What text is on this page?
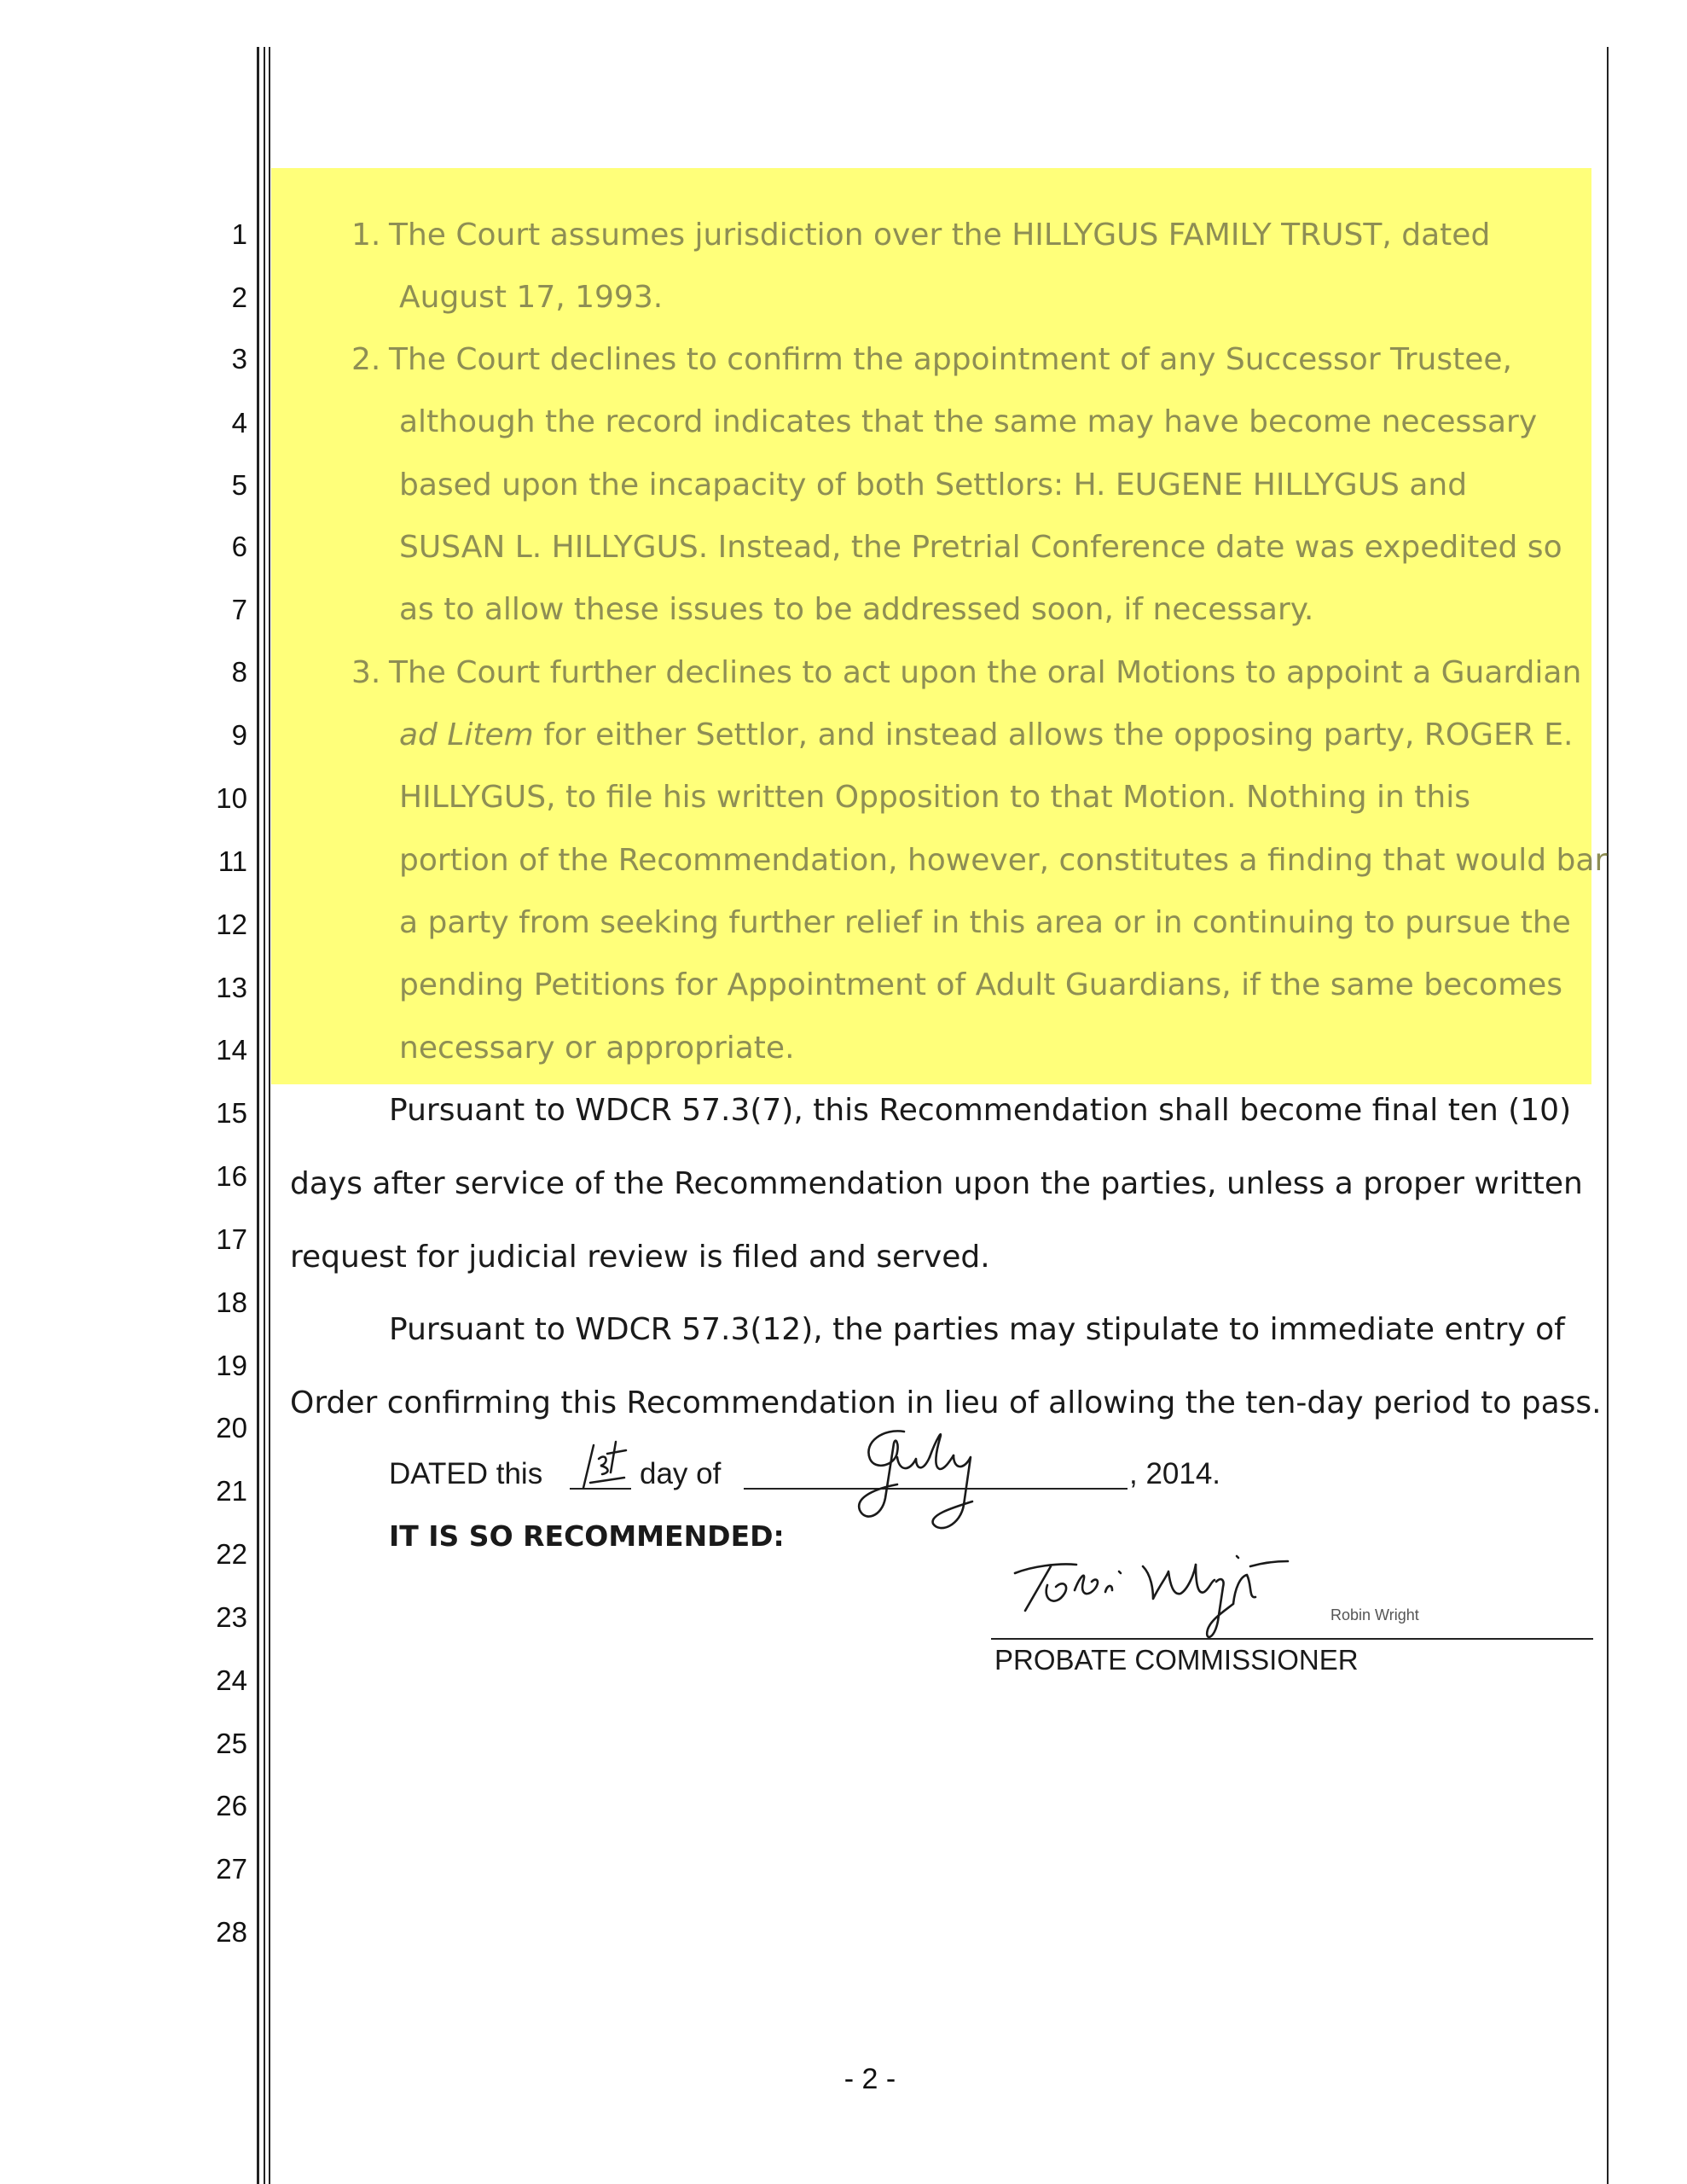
1
2
3
4
5
6
7
8
9
10
11
12
13
14
15
16
17
18
19
20
21
22
23
24
25
26
27
28
1. The Court assumes jurisdiction over the HILLYGUS FAMILY TRUST, dated
August 17, 1993.
2. The Court declines to confirm the appointment of any Successor Trustee,
although the record indicates that the same may have become necessary
based upon the incapacity of both Settlors: H. EUGENE HILLYGUS and
SUSAN L. HILLYGUS. Instead, the Pretrial Conference date was expedited so
as to allow these issues to be addressed soon, if necessary.
3. The Court further declines to act upon the oral Motions to appoint a Guardian
ad Litem for either Settlor, and instead allows the opposing party, ROGER E.
HILLYGUS, to file his written Opposition to that Motion. Nothing in this
portion of the Recommendation, however, constitutes a finding that would bar
a party from seeking further relief in this area or in continuing to pursue the
pending Petitions for Appointment of Adult Guardians, if the same becomes
necessary or appropriate.
Pursuant to WDCR 57.3(7), this Recommendation shall become final ten (10)
days after service of the Recommendation upon the parties, unless a proper written
request for judicial review is filed and served.
Pursuant to WDCR 57.3(12), the parties may stipulate to immediate entry of
Order confirming this Recommendation in lieu of allowing the ten-day period to pass.
DATED this	day of	, 2014.
IT IS SO RECOMMENDED:
Robin Wright
PROBATE COMMISSIONER
- 2 -
